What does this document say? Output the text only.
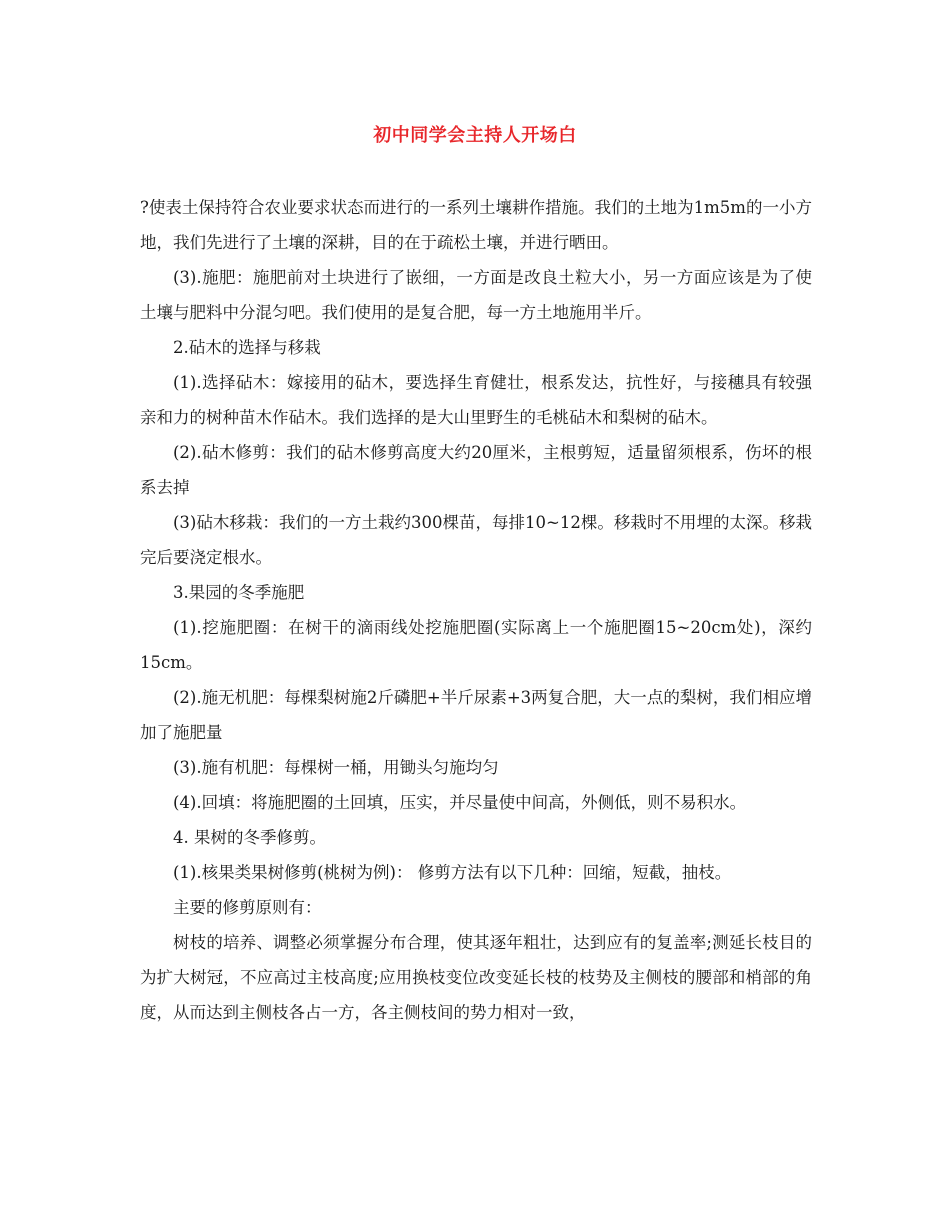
初中同学会主持人开场白

?使表土保持符合农业要求状态而进行的一系列土壤耕作措施。我们的土地为1m5m的一小方地，我们先进行了土壤的深耕，目的在于疏松土壤，并进行晒田。

(3).施肥：施肥前对土块进行了嵌细，一方面是改良土粒大小，另一方面应该是为了使土壤与肥料中分混匀吧。我们使用的是复合肥，每一方土地施用半斤。

2.砧木的选择与移栽

(1).选择砧木：嫁接用的砧木，要选择生育健壮，根系发达，抗性好，与接穗具有较强亲和力的树种苗木作砧木。我们选择的是大山里野生的毛桃砧木和梨树的砧木。

(2).砧木修剪：我们的砧木修剪高度大约20厘米，主根剪短，适量留须根系，伤坏的根系去掉

(3)砧木移栽：我们的一方土栽约300棵苗，每排10~12棵。移栽时不用埋的太深。移栽完后要浇定根水。

3.果园的冬季施肥

(1).挖施肥圈：在树干的滴雨线处挖施肥圈(实际离上一个施肥圈15~20cm处)，深约15cm。

(2).施无机肥：每棵梨树施2斤磷肥+半斤尿素+3两复合肥，大一点的梨树，我们相应增加了施肥量

(3).施有机肥：每棵树一桶，用锄头匀施均匀

(4).回填：将施肥圈的土回填，压实，并尽量使中间高，外侧低，则不易积水。

4. 果树的冬季修剪。

(1).核果类果树修剪(桃树为例)： 修剪方法有以下几种：回缩，短截，抽枝。

主要的修剪原则有：

树枝的培养、调整必须掌握分布合理，使其逐年粗壮，达到应有的复盖率;测延长枝目的为扩大树冠，不应高过主枝高度;应用换枝变位改变延长枝的枝势及主侧枝的腰部和梢部的角度，从而达到主侧枝各占一方，各主侧枝间的势力相对一致，
